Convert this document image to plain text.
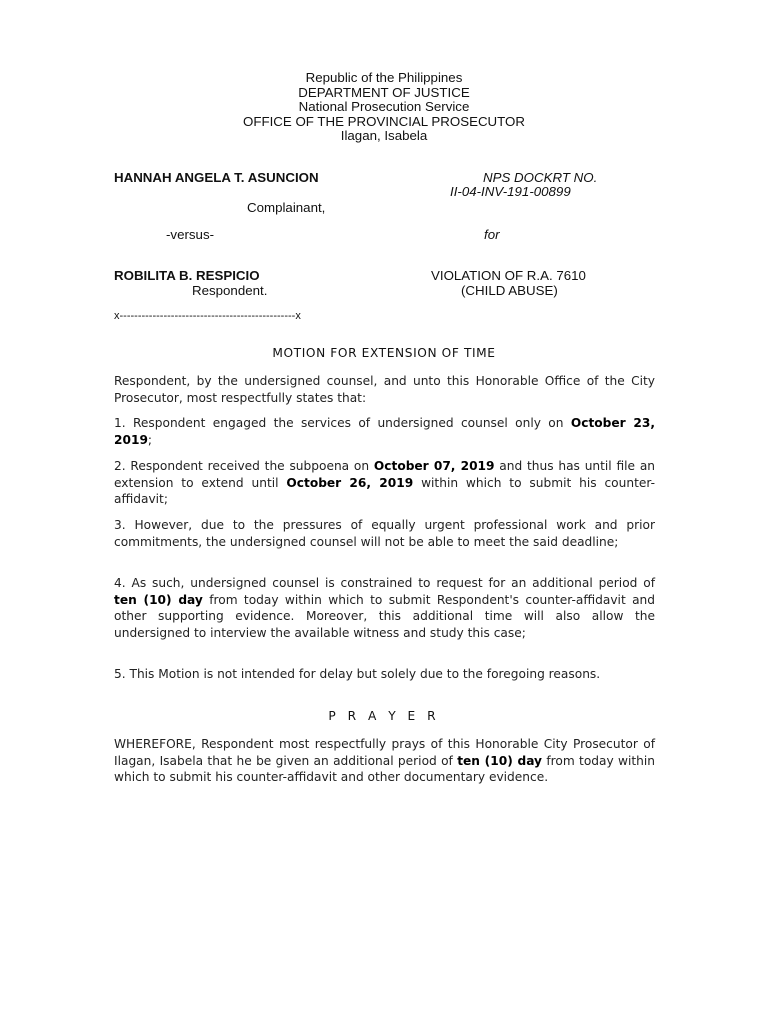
Republic of the Philippines
DEPARTMENT OF JUSTICE
National Prosecution Service
OFFICE OF THE PROVINCIAL PROSECUTOR
Ilagan, Isabela
HANNAH ANGELA T. ASUNCION	NPS DOCKRT NO.
II-04-INV-191-00899
Complainant,
-versus-	for
ROBILITA B. RESPICIO	VIOLATION OF R.A. 7610
Respondent.	(CHILD ABUSE)
x------------------------------------------------x
MOTION FOR EXTENSION OF TIME
Respondent, by the undersigned counsel, and unto this Honorable Office of the City Prosecutor, most respectfully states that:
1. Respondent engaged the services of undersigned counsel only on October 23, 2019;
2. Respondent received the subpoena on October 07, 2019 and thus has until file an extension to extend until October 26, 2019 within which to submit his counter-affidavit;
3. However, due to the pressures of equally urgent professional work and prior commitments, the undersigned counsel will not be able to meet the said deadline;
4. As such, undersigned counsel is constrained to request for an additional period of ten (10) day from today within which to submit Respondent's counter-affidavit and other supporting evidence. Moreover, this additional time will also allow the undersigned to interview the available witness and study this case;
5. This Motion is not intended for delay but solely due to the foregoing reasons.
P R A Y E R
WHEREFORE, Respondent most respectfully prays of this Honorable City Prosecutor of Ilagan, Isabela that he be given an additional period of ten (10) day from today within which to submit his counter-affidavit and other documentary evidence.
